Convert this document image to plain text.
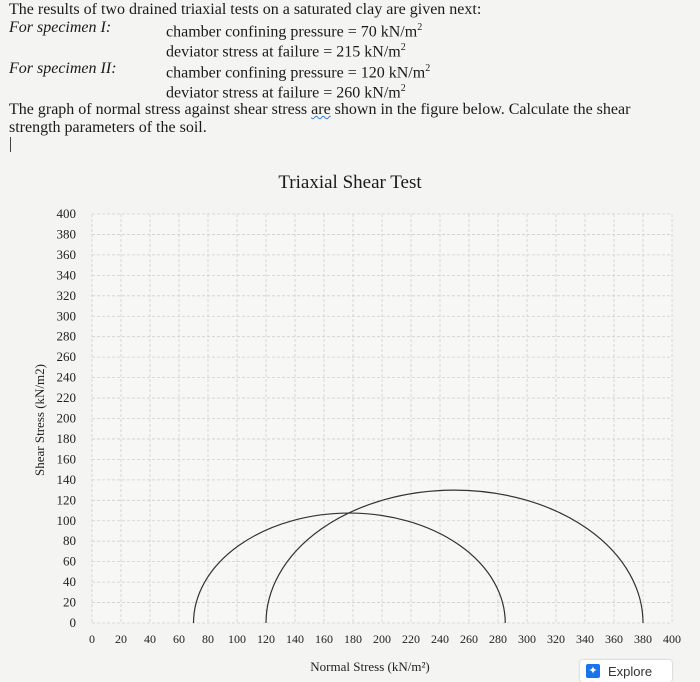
The results of two drained triaxial tests on a saturated clay are given next:
For specimen I:	chamber confining pressure = 70 $kN/m^2$
deviator stress at failure = 215 $kN/m^2$
For specimen II:	chamber confining pressure = 120 $kN/m^2$
deviator stress at failure = 260 $kN/m^2$
The graph of normal stress against shear stress are shown in the figure below. Calculate the shear
strength parameters of the soil.
Triaxial Shear Test
0
20
40
60
80
100
120
140
160
180
200
220
240
260
280
300
320
340
360
380
400
0 20 40 60 80 100 120 140 160 180 200 220 240 260 280 300 320 340 360 380 400
Normal Stress (kN/m²)
Shear Stress (kN/m2)
✦ Explore
